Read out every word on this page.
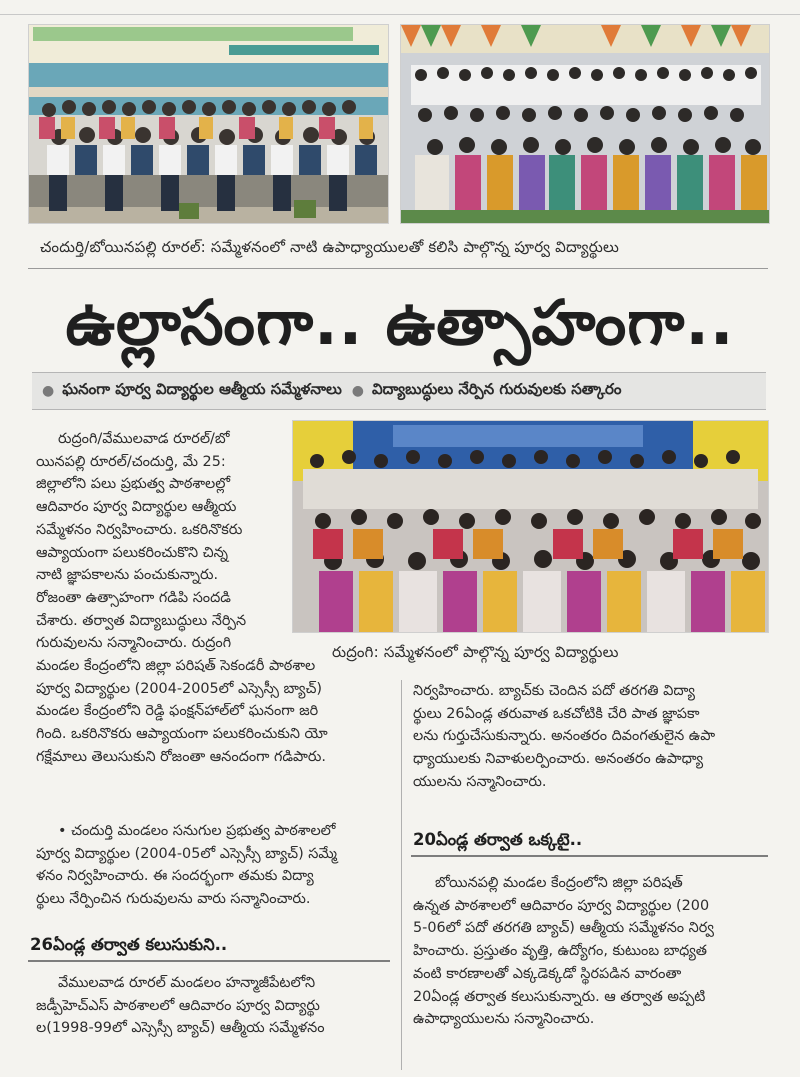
చందుర్తి/బోయినపల్లి రూరల్: సమ్మేళనంలో నాటి ఉపాధ్యాయులతో కలిసి పాల్గొన్న పూర్వ విద్యార్థులు
ఉల్లాసంగా.. ఉత్సాహంగా..
● ఘనంగా పూర్వ విద్యార్థుల ఆత్మీయ సమ్మేళనాలు ● విద్యాబుద్ధులు నేర్పిన గురువులకు సత్కారం
రుద్రంగి: సమ్మేళనంలో పాల్గొన్న పూర్వ విద్యార్థులు

రుద్రంగి/వేములవాడ రూరల్/బో

యినపల్లి రూరల్/చందుర్తి, మే 25:

జిల్లాలోని పలు ప్రభుత్వ పాఠశాలల్లో

ఆదివారం పూర్వ విద్యార్థుల ఆత్మీయ

సమ్మేళనం నిర్వహించారు. ఒకరినొకరు

ఆప్యాయంగా పలుకరించుకొని చిన్న

నాటి జ్ఞాపకాలను పంచుకున్నారు.

రోజంతా ఉత్సాహంగా గడిపి సందడి

చేశారు. తర్వాత విద్యాబుద్ధులు నేర్పిన

గురువులను సన్మానించారు. రుద్రంగి

మండల కేంద్రంలోని జిల్లా పరిషత్ సెకండరీ పాఠశాల

పూర్వ విద్యార్థుల (2004-2005లో ఎస్సెస్సీ బ్యాచ్)

మండల కేంద్రంలోని రెడ్డి ఫంక్షన్‌హాల్‌లో ఘనంగా జరి

గింది. ఒకరినొకరు ఆప్యాయంగా పలుకరించుకుని యో

గక్షేమాలు తెలుసుకుని రోజంతా ఆనందంగా గడిపారు.

• చందుర్తి మండలం సనుగుల ప్రభుత్వ పాఠశాలలో

పూర్వ విద్యార్థుల (2004-05లో ఎస్సెస్సీ బ్యాచ్) సమ్మే

ళనం నిర్వహించారు. ఈ సందర్భంగా తమకు విద్యా

ర్థులు నేర్పించిన గురువులను వారు సన్మానించారు.

26ఏండ్ల తర్వాత కలుసుకుని..

వేములవాడ రూరల్ మండలం హన్మాజీపేటలోని

జడ్పీహెచ్ఎస్ పాఠశాలలో ఆదివారం పూర్వ విద్యార్థు

ల(1998-99లో ఎస్సెస్సీ బ్యాచ్) ఆత్మీయ సమ్మేళనం

నిర్వహించారు. బ్యాచ్‌కు చెందిన పదో తరగతి విద్యా

ర్థులు 26ఏండ్ల తరువాత ఒకచోటికి చేరి పాత జ్ఞాపకా

లను గుర్తుచేసుకున్నారు. అనంతరం దివంగతులైన ఉపా

ధ్యాయులకు నివాళులర్పించారు. అనంతరం ఉపాధ్యా

యులను సన్మానించారు.

20ఏండ్ల తర్వాత ఒక్కటై..

బోయినపల్లి మండల కేంద్రంలోని జిల్లా పరిషత్

ఉన్నత పాఠశాలలో ఆదివారం పూర్వ విద్యార్థుల (200

5-06లో పదో తరగతి బ్యాచ్) ఆత్మీయ సమ్మేళనం నిర్వ

హించారు. ప్రస్తుతం వృత్తి, ఉద్యోగం, కుటుంబ బాధ్యత

వంటి కారణాలతో ఎక్కడెక్కడో స్థిరపడిన వారంతా

20ఏండ్ల తర్వాత కలుసుకున్నారు. ఆ తర్వాత అప్పటి

ఉపాధ్యాయులను సన్మానించారు.
